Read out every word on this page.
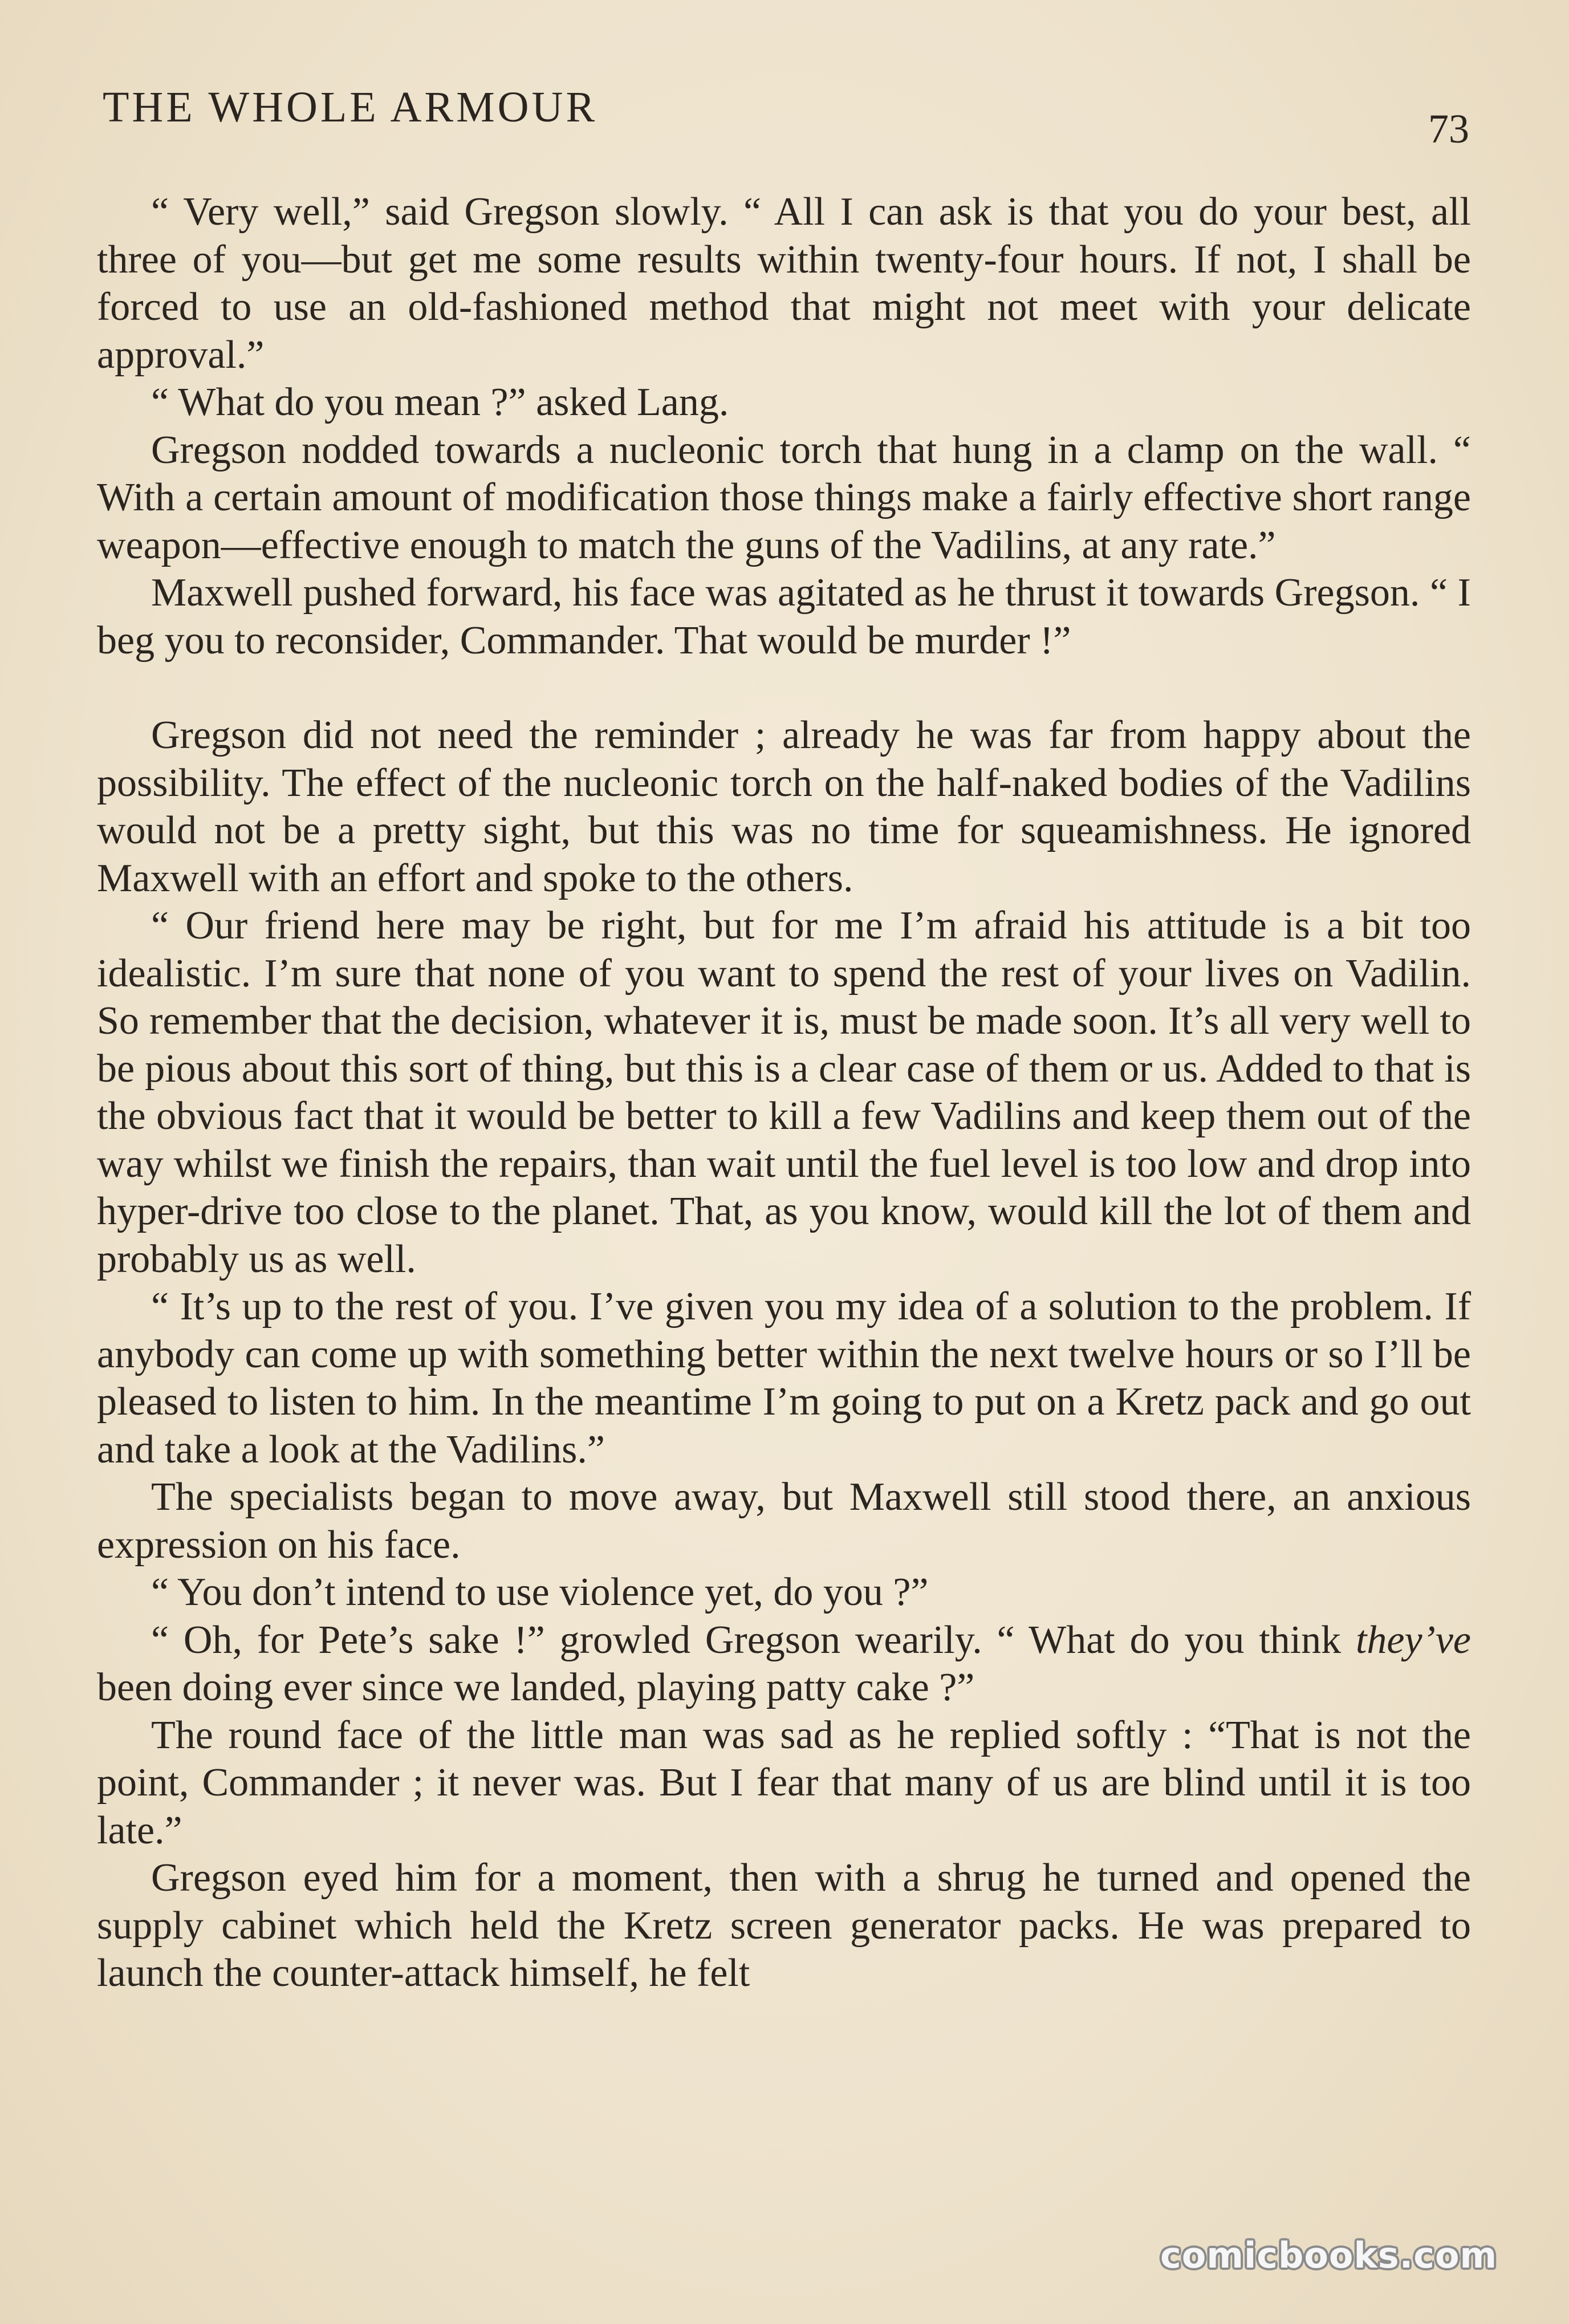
THE WHOLE ARMOUR	73

“ Very well,” said Gregson slowly. “ All I can ask is that you do your best, all three of you—but get me some results within twenty-four hours. If not, I shall be forced to use an old-fashioned method that might not meet with your delicate approval.”

“ What do you mean ?” asked Lang.

Gregson nodded towards a nucleonic torch that hung in a clamp on the wall. “ With a certain amount of modification those things make a fairly effective short range weapon—effective enough to match the guns of the Vadilins, at any rate.”

Maxwell pushed forward, his face was agitated as he thrust it towards Gregson. “ I beg you to reconsider, Commander. That would be murder !”

Gregson did not need the reminder ; already he was far from happy about the possibility. The effect of the nucleonic torch on the half-naked bodies of the Vadilins would not be a pretty sight, but this was no time for squeamishness. He ignored Maxwell with an effort and spoke to the others.

“ Our friend here may be right, but for me I’m afraid his attitude is a bit too idealistic. I’m sure that none of you want to spend the rest of your lives on Vadilin. So remember that the decision, whatever it is, must be made soon. It’s all very well to be pious about this sort of thing, but this is a clear case of them or us. Added to that is the obvious fact that it would be better to kill a few Vadilins and keep them out of the way whilst we finish the repairs, than wait until the fuel level is too low and drop into hyper-drive too close to the planet. That, as you know, would kill the lot of them and probably us as well.

“ It’s up to the rest of you. I’ve given you my idea of a solution to the problem. If anybody can come up with something better within the next twelve hours or so I’ll be pleased to listen to him. In the meantime I’m going to put on a Kretz pack and go out and take a look at the Vadilins.”

The specialists began to move away, but Maxwell still stood there, an anxious expression on his face.

“ You don’t intend to use violence yet, do you ?”

“ Oh, for Pete’s sake !” growled Gregson wearily. “ What do you think they’ve been doing ever since we landed, playing patty cake ?”

The round face of the little man was sad as he replied softly : “That is not the point, Commander ; it never was. But I fear that many of us are blind until it is too late.”

Gregson eyed him for a moment, then with a shrug he turned and opened the supply cabinet which held the Kretz screen generator packs. He was prepared to launch the counter-attack himself, he felt

comicbooks.com
